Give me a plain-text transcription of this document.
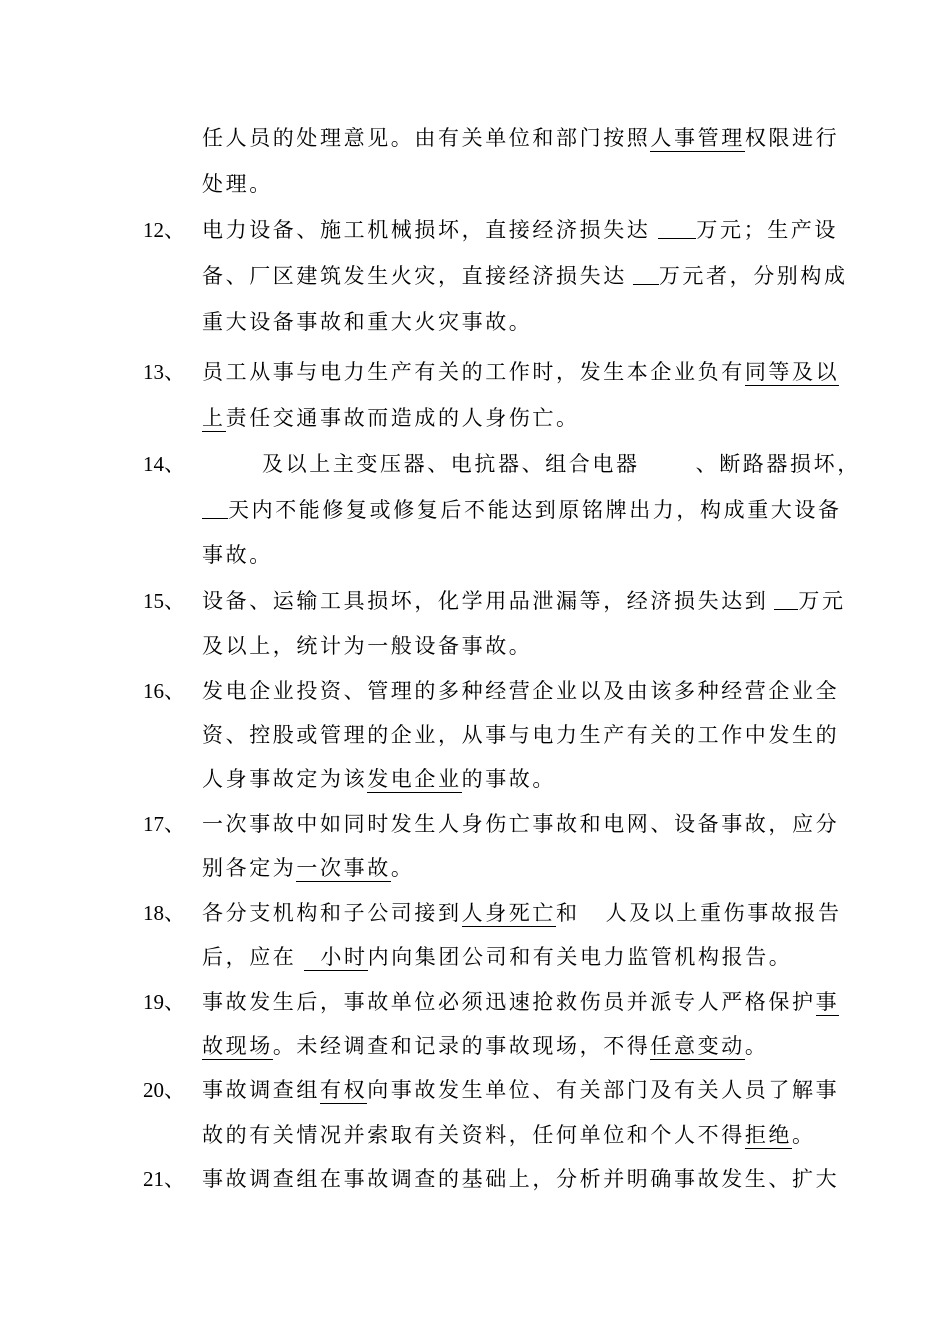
任人员的处理意见。由有关单位和部门按照人事管理权限进行
处理。
12、 电力设备、施工机械损坏，直接经济损失达 万元；生产设
备、厂区建筑发生火灾，直接经济损失达 万元者，分别构成
重大设备事故和重大火灾事故。
13、 员工从事与电力生产有关的工作时，发生本企业负有同等及以
上责任交通事故而造成的人身伤亡。
14、	及以上主变压器、电抗器、组合电器	、断路器损坏，
天内不能修复或修复后不能达到原铭牌出力，构成重大设备
事故。
15、 设备、运输工具损坏，化学用品泄漏等，经济损失达到 万元
及以上，统计为一般设备事故。
16、 发电企业投资、管理的多种经营企业以及由该多种经营企业全
资、控股或管理的企业，从事与电力生产有关的工作中发生的
人身事故定为该发电企业的事故。
17、 一次事故中如同时发生人身伤亡事故和电网、设备事故，应分
别各定为一次事故。
18、 各分支机构和子公司接到人身死亡和 人及以上重伤事故报告
后，应在 小时内向集团公司和有关电力监管机构报告。
19、 事故发生后，事故单位必须迅速抢救伤员并派专人严格保护事
故现场。未经调查和记录的事故现场，不得任意变动。
20、 事故调查组有权向事故发生单位、有关部门及有关人员了解事
故的有关情况并索取有关资料，任何单位和个人不得拒绝。
21、 事故调查组在事故调查的基础上，分析并明确事故发生、扩大
